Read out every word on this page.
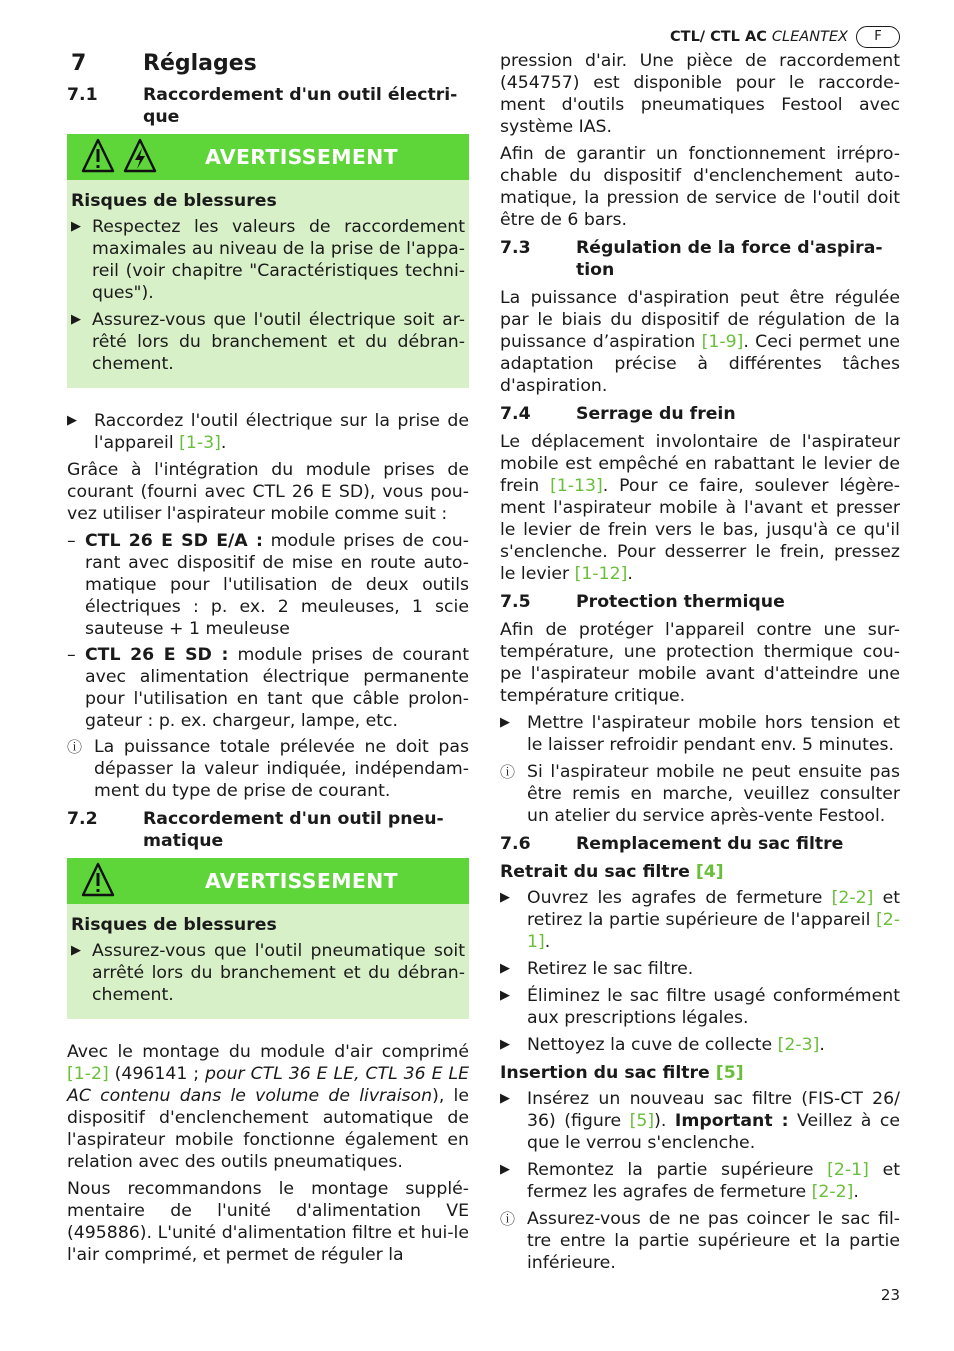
CTL/ CTL AC CLEANTEX	F
7	Réglages
7.1	Raccordement d'un outil électri-que
AVERTISSEMENT
Risques de blessures
▶ Respectez les valeurs de raccordement maximales au niveau de la prise de l'appa-reil (voir chapitre "Caractéristiques techni-ques").
▶ Assurez-vous que l'outil électrique soit ar-rêté lors du branchement et du débran-chement.
▶ Raccordez l'outil électrique sur la prise de l'appareil [1-3].

Grâce à l'intégration du module prises de courant (fourni avec CTL 26 E SD), vous pou-vez utiliser l'aspirateur mobile comme suit :

– CTL 26 E SD E/A : module prises de cou-rant avec dispositif de mise en route auto-matique pour l'utilisation de deux outils électriques : p. ex. 2 meuleuses, 1 scie sauteuse + 1 meuleuse
– CTL 26 E SD : module prises de courant avec alimentation électrique permanente pour l'utilisation en tant que câble prolon-gateur : p. ex. chargeur, lampe, etc.
ⓘ La puissance totale prélevée ne doit pas dépasser la valeur indiquée, indépendam-ment du type de prise de courant.
7.2	Raccordement d'un outil pneu-matique
AVERTISSEMENT
Risques de blessures
▶ Assurez-vous que l'outil pneumatique soit arrêté lors du branchement et du débran-chement.

Avec le montage du module d'air comprimé [1-2] (496141 ; pour CTL 36 E LE, CTL 36 E LE AC contenu dans le volume de livraison), le dispositif d'enclenchement automatique de l'aspirateur mobile fonctionne également en relation avec des outils pneumatiques.

Nous recommandons le montage supplé-mentaire de l'unité d'alimentation VE (495886). L'unité d'alimentation filtre et hui-le l'air comprimé, et permet de réguler la

pression d'air. Une pièce de raccordement (454757) est disponible pour le raccorde-ment d'outils pneumatiques Festool avec système IAS.

Afin de garantir un fonctionnement irrépro-chable du dispositif d'enclenchement auto-matique, la pression de service de l'outil doit être de 6 bars.

7.3	Régulation de la force d'aspira-tion

La puissance d'aspiration peut être régulée par le biais du dispositif de régulation de la puissance d’aspiration [1-9]. Ceci permet une adaptation précise à différentes tâches d'aspiration.

7.4	Serrage du frein

Le déplacement involontaire de l'aspirateur mobile est empêché en rabattant le levier de frein [1-13]. Pour ce faire, soulever légère-ment l'aspirateur mobile à l'avant et presser le levier de frein vers le bas, jusqu'à ce qu'il s'enclenche. Pour desserrer le frein, pressez le levier [1-12].

7.5	Protection thermique

Afin de protéger l'appareil contre une sur-température, une protection thermique cou-pe l'aspirateur mobile avant d'atteindre une température critique.

▶ Mettre l'aspirateur mobile hors tension et le laisser refroidir pendant env. 5 minutes.
ⓘ Si l'aspirateur mobile ne peut ensuite pas être remis en marche, veuillez consulter un atelier du service après-vente Festool.
7.6	Remplacement du sac filtre
Retrait du sac filtre [4]
▶ Ouvrez les agrafes de fermeture [2-2] et retirez la partie supérieure de l'appareil [2-1].
▶ Retirez le sac filtre.
▶ Éliminez le sac filtre usagé conformément aux prescriptions légales.
▶ Nettoyez la cuve de collecte [2-3].
Insertion du sac filtre [5]
▶ Insérez un nouveau sac filtre (FIS-CT 26/ 36) (figure [5]). Important : Veillez à ce que le verrou s'enclenche.
▶ Remontez la partie supérieure [2-1] et fermez les agrafes de fermeture [2-2].
ⓘ Assurez-vous de ne pas coincer le sac fil-tre entre la partie supérieure et la partie inférieure.
23
